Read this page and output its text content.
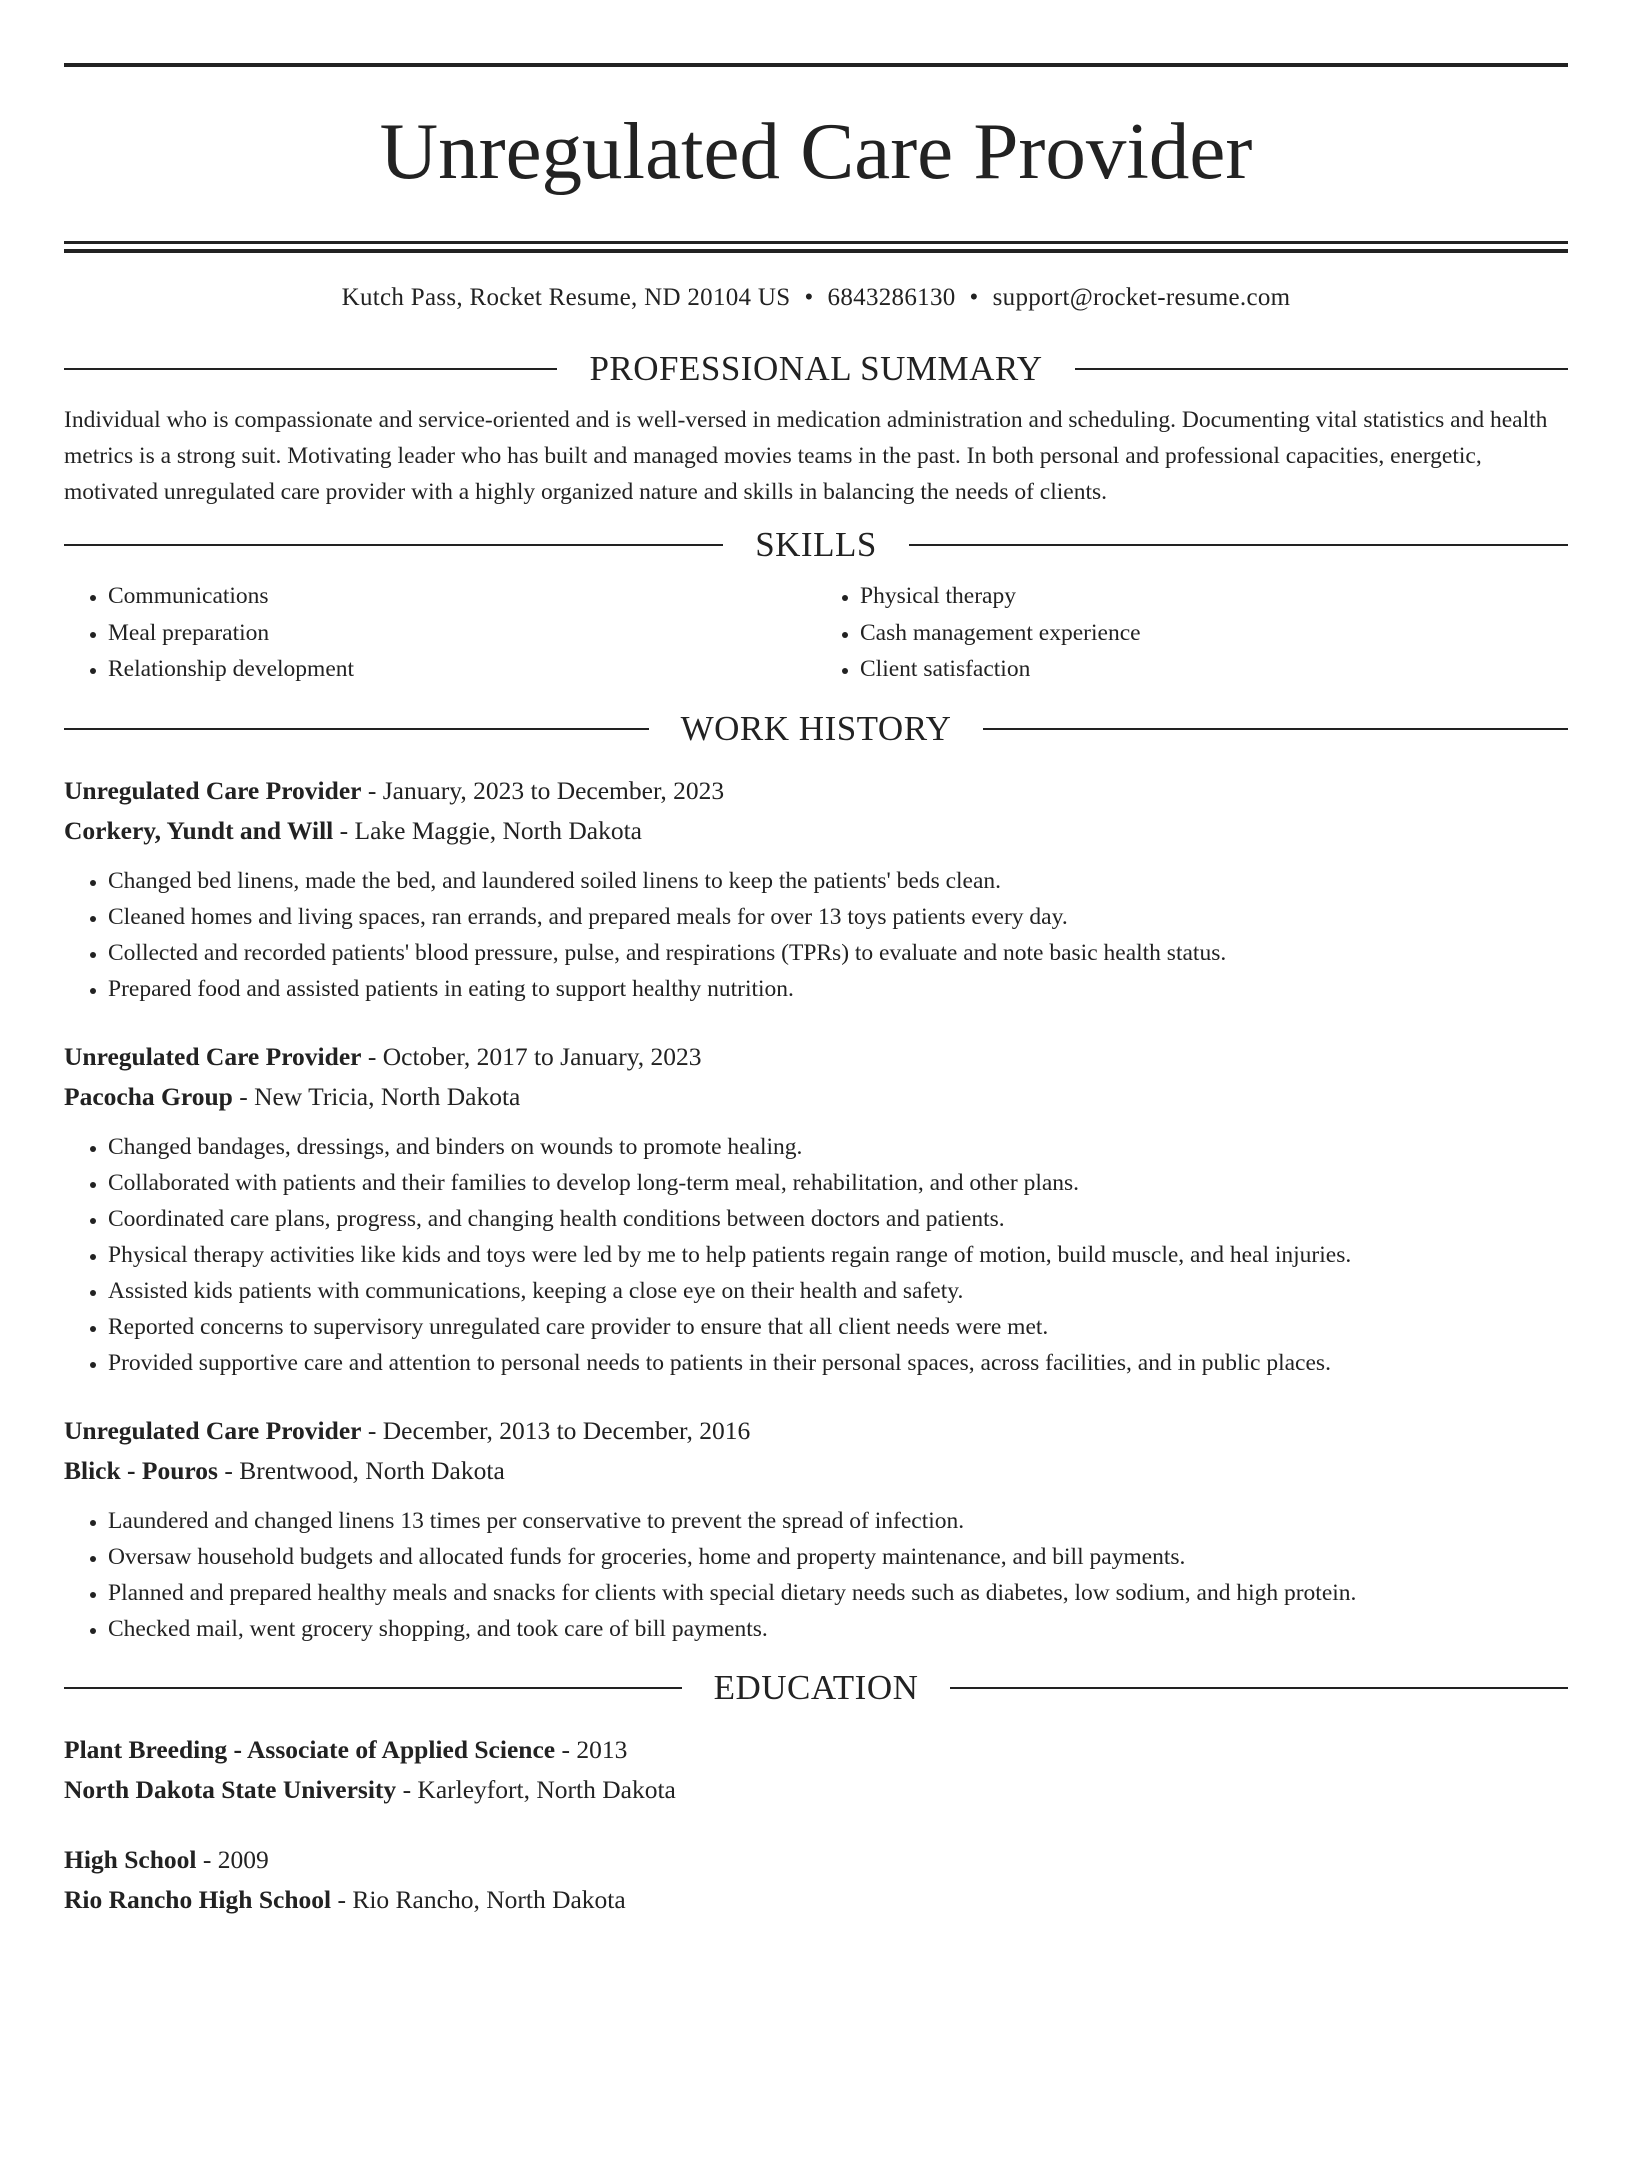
Unregulated Care Provider
Kutch Pass, Rocket Resume, ND 20104 US • 6843286130 • support@rocket-resume.com
PROFESSIONAL SUMMARY
Individual who is compassionate and service-oriented and is well-versed in medication administration and scheduling. Documenting vital statistics and health metrics is a strong suit. Motivating leader who has built and managed movies teams in the past. In both personal and professional capacities, energetic, motivated unregulated care provider with a highly organized nature and skills in balancing the needs of clients.
SKILLS
• Communications
• Meal preparation
• Relationship development
• Physical therapy
• Cash management experience
• Client satisfaction
WORK HISTORY
Unregulated Care Provider - January, 2023 to December, 2023
Corkery, Yundt and Will - Lake Maggie, North Dakota
• Changed bed linens, made the bed, and laundered soiled linens to keep the patients' beds clean.
• Cleaned homes and living spaces, ran errands, and prepared meals for over 13 toys patients every day.
• Collected and recorded patients' blood pressure, pulse, and respirations (TPRs) to evaluate and note basic health status.
• Prepared food and assisted patients in eating to support healthy nutrition.
Unregulated Care Provider - October, 2017 to January, 2023
Pacocha Group - New Tricia, North Dakota
• Changed bandages, dressings, and binders on wounds to promote healing.
• Collaborated with patients and their families to develop long-term meal, rehabilitation, and other plans.
• Coordinated care plans, progress, and changing health conditions between doctors and patients.
• Physical therapy activities like kids and toys were led by me to help patients regain range of motion, build muscle, and heal injuries.
• Assisted kids patients with communications, keeping a close eye on their health and safety.
• Reported concerns to supervisory unregulated care provider to ensure that all client needs were met.
• Provided supportive care and attention to personal needs to patients in their personal spaces, across facilities, and in public places.
Unregulated Care Provider - December, 2013 to December, 2016
Blick - Pouros - Brentwood, North Dakota
• Laundered and changed linens 13 times per conservative to prevent the spread of infection.
• Oversaw household budgets and allocated funds for groceries, home and property maintenance, and bill payments.
• Planned and prepared healthy meals and snacks for clients with special dietary needs such as diabetes, low sodium, and high protein.
• Checked mail, went grocery shopping, and took care of bill payments.
EDUCATION
Plant Breeding - Associate of Applied Science - 2013
North Dakota State University - Karleyfort, North Dakota
High School - 2009
Rio Rancho High School - Rio Rancho, North Dakota
